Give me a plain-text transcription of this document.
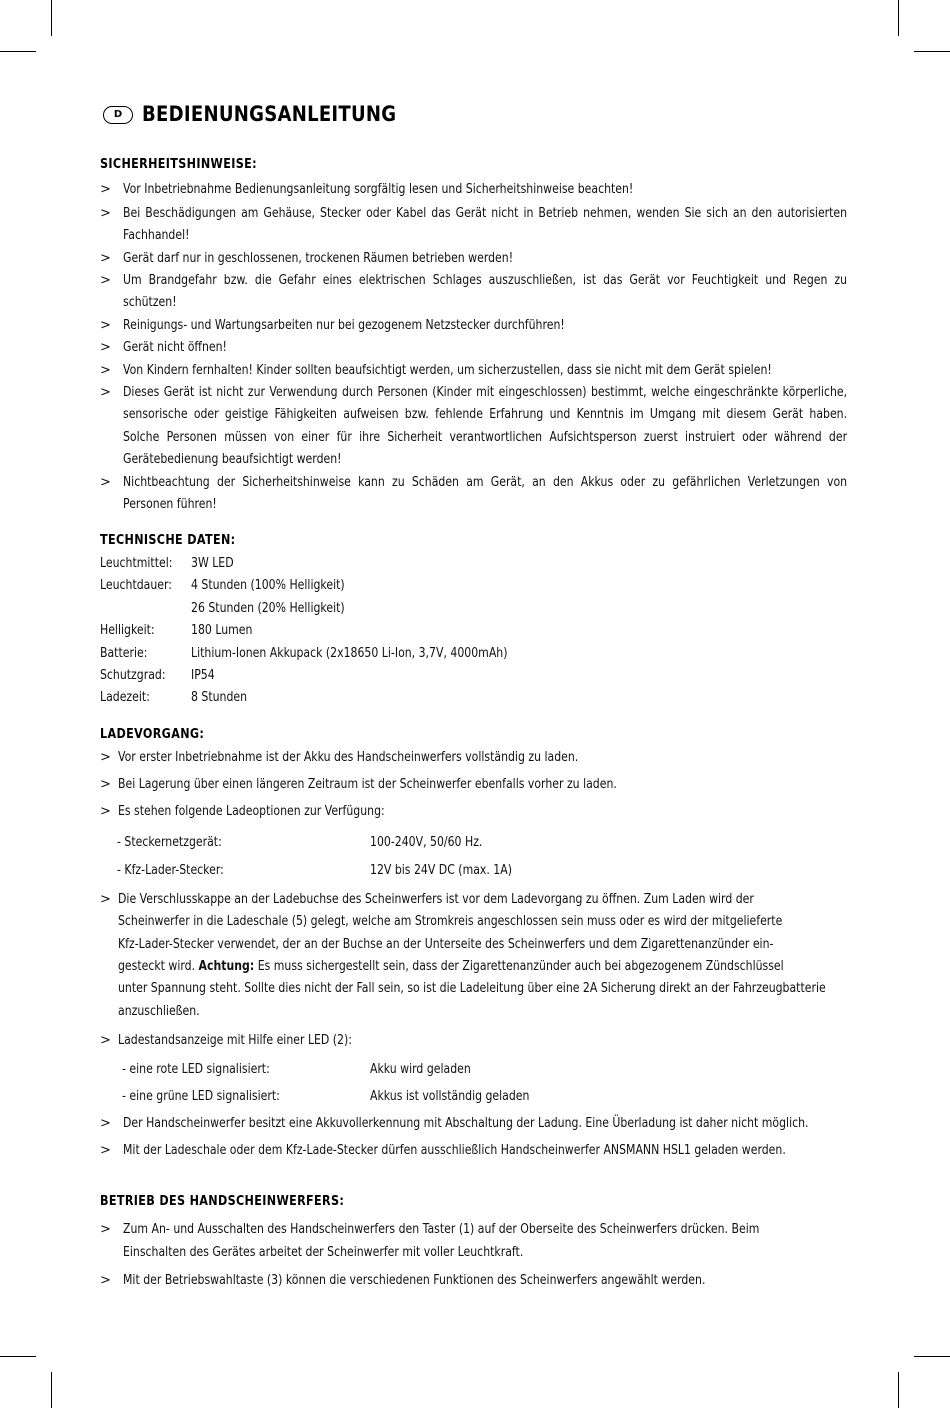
D BEDIENUNGSANLEITUNG
SICHERHEITSHINWEISE:
> Vor Inbetriebnahme Bedienungsanleitung sorgfältig lesen und Sicherheitshinweise beachten!
> Bei Beschädigungen am Gehäuse, Stecker oder Kabel das Gerät nicht in Betrieb nehmen, wenden Sie sich an den autorisierten
Fachhandel!
> Gerät darf nur in geschlossenen, trockenen Räumen betrieben werden!
> Um Brandgefahr bzw. die Gefahr eines elektrischen Schlages auszuschließen, ist das Gerät vor Feuchtigkeit und Regen zu
schützen!
> Reinigungs- und Wartungsarbeiten nur bei gezogenem Netzstecker durchführen!
> Gerät nicht öffnen!
> Von Kindern fernhalten! Kinder sollten beaufsichtigt werden, um sicherzustellen, dass sie nicht mit dem Gerät spielen!
> Dieses Gerät ist nicht zur Verwendung durch Personen (Kinder mit eingeschlossen) bestimmt, welche eingeschränkte körperliche,
sensorische oder geistige Fähigkeiten aufweisen bzw. fehlende Erfahrung und Kenntnis im Umgang mit diesem Gerät haben.
Solche Personen müssen von einer für ihre Sicherheit verantwortlichen Aufsichtsperson zuerst instruiert oder während der
Gerätebedienung beaufsichtigt werden!
> Nichtbeachtung der Sicherheitshinweise kann zu Schäden am Gerät, an den Akkus oder zu gefährlichen Verletzungen von
Personen führen!
TECHNISCHE DATEN:
Leuchtmittel: 3W LED
Leuchtdauer: 4 Stunden (100% Helligkeit)
26 Stunden (20% Helligkeit)
Helligkeit:	180 Lumen
Batterie:	Lithium-Ionen Akkupack (2x18650 Li-Ion, 3,7V, 4000mAh)
Schutzgrad: IP54
Ladezeit:	8 Stunden
LADEVORGANG:
> Vor erster Inbetriebnahme ist der Akku des Handscheinwerfers vollständig zu laden.
> Bei Lagerung über einen längeren Zeitraum ist der Scheinwerfer ebenfalls vorher zu laden.
> Es stehen folgende Ladeoptionen zur Verfügung:
- Steckernetzgerät:	100-240V, 50/60 Hz.
- Kfz-Lader-Stecker:	12V bis 24V DC (max. 1A)
> Die Verschlusskappe an der Ladebuchse des Scheinwerfers ist vor dem Ladevorgang zu öffnen. Zum Laden wird der
Scheinwerfer in die Ladeschale (5) gelegt, welche am Stromkreis angeschlossen sein muss oder es wird der mitgelieferte
Kfz-Lader-Stecker verwendet, der an der Buchse an der Unterseite des Scheinwerfers und dem Zigarettenanzünder ein-
gesteckt wird. Achtung: Es muss sichergestellt sein, dass der Zigarettenanzünder auch bei abgezogenem Zündschlüssel
unter Spannung steht. Sollte dies nicht der Fall sein, so ist die Ladeleitung über eine 2A Sicherung direkt an der Fahrzeugbatterie
anzuschließen.
> Ladestandsanzeige mit Hilfe einer LED (2):
- eine rote LED signalisiert:	Akku wird geladen
- eine grüne LED signalisiert:	Akkus ist vollständig geladen
> Der Handscheinwerfer besitzt eine Akkuvollerkennung mit Abschaltung der Ladung. Eine Überladung ist daher nicht möglich.
> Mit der Ladeschale oder dem Kfz-Lade-Stecker dürfen ausschließlich Handscheinwerfer ANSMANN HSL1 geladen werden.
BETRIEB DES HANDSCHEINWERFERS:
> Zum An- und Ausschalten des Handscheinwerfers den Taster (1) auf der Oberseite des Scheinwerfers drücken. Beim
Einschalten des Gerätes arbeitet der Scheinwerfer mit voller Leuchtkraft.
> Mit der Betriebswahltaste (3) können die verschiedenen Funktionen des Scheinwerfers angewählt werden.
